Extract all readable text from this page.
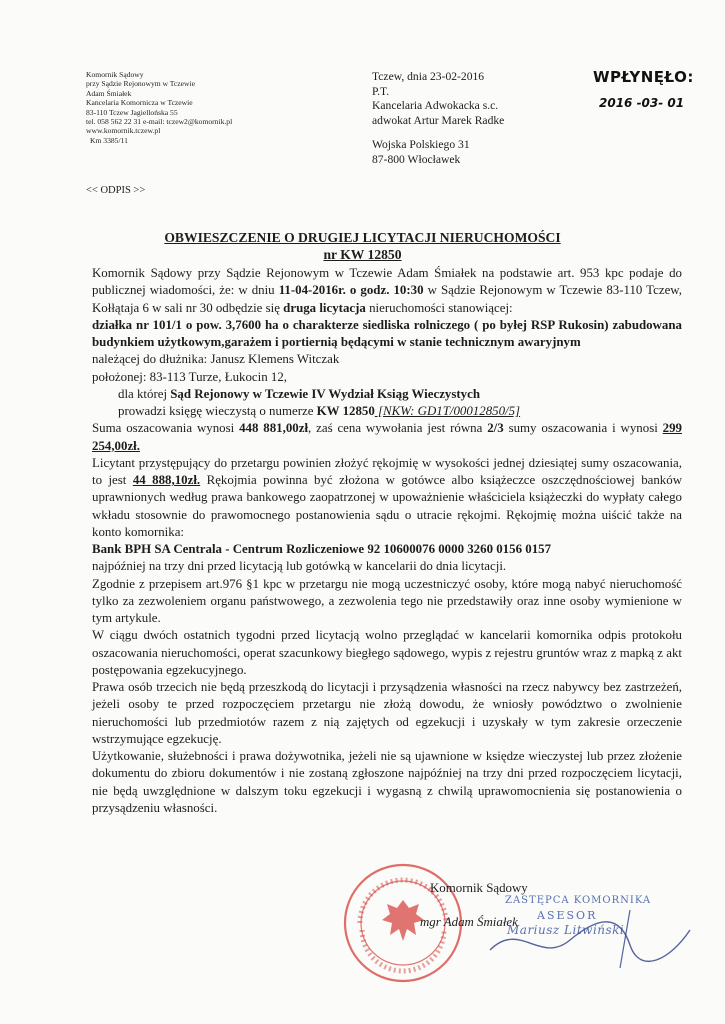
Komornik Sądowy
przy Sądzie Rejonowym w Tczewie
Adam Śmiałek
Kancelaria Komornicza w Tczewie
83-110 Tczew Jagiellońska 55
tel. 058 562 22 31 e-mail: tczew2@komornik.pl
www.komornik.tczew.pl
Km 3385/11
Tczew, dnia 23-02-2016
P.T.
Kancelaria Adwokacka s.c.
adwokat Artur Marek Radke
Wojska Polskiego 31
87-800 Włocławek
WPŁYNĘŁO:
2016 -03- 01
<< ODPIS >>
OBWIESZCZENIE O DRUGIEJ LICYTACJI NIERUCHOMOŚCI
nr KW 12850

Komornik Sądowy przy Sądzie Rejonowym w Tczewie Adam Śmiałek na podstawie art. 953 kpc podaje do publicznej wiadomości, że: w dniu 11-04-2016r. o godz. 10:30 w Sądzie Rejonowym w Tczewie 83-110 Tczew, Kołłątaja 6 w sali nr 30 odbędzie się druga licytacja nieruchomości stanowiącej:

działka nr 101/1 o pow. 3,7600 ha o charakterze siedliska rolniczego ( po byłej RSP Rukosin) zabudowana budynkiem użytkowym,garażem i portiernią będącymi w stanie technicznym awaryjnym

należącej do dłużnika: Janusz Klemens Witczak

położonej: 83-113 Turze, Łukocin 12,

dla której Sąd Rejonowy w Tczewie IV Wydział Ksiąg Wieczystych

prowadzi księgę wieczystą o numerze KW 12850 [NKW: GD1T/00012850/5]

Suma oszacowania wynosi 448 881,00zł, zaś cena wywołania jest równa 2/3 sumy oszacowania i wynosi 299 254,00zł.

Licytant przystępujący do przetargu powinien złożyć rękojmię w wysokości jednej dziesiątej sumy oszacowania, to jest 44 888,10zł. Rękojmia powinna być złożona w gotówce albo książeczce oszczędnościowej banków uprawnionych według prawa bankowego zaopatrzonej w upoważnienie właściciela książeczki do wypłaty całego wkładu stosownie do prawomocnego postanowienia sądu o utracie rękojmi. Rękojmię można uiścić także na konto komornika:

Bank BPH SA Centrala - Centrum Rozliczeniowe 92 10600076 0000 3260 0156 0157

najpóźniej na trzy dni przed licytacją lub gotówką w kancelarii do dnia licytacji.

Zgodnie z przepisem art.976 §1 kpc w przetargu nie mogą uczestniczyć osoby, które mogą nabyć nieruchomość tylko za zezwoleniem organu państwowego, a zezwolenia tego nie przedstawiły oraz inne osoby wymienione w tym artykule.

W ciągu dwóch ostatnich tygodni przed licytacją wolno przeglądać w kancelarii komornika odpis protokołu oszacowania nieruchomości, operat szacunkowy biegłego sądowego, wypis z rejestru gruntów wraz z mapką z akt postępowania egzekucyjnego.

Prawa osób trzecich nie będą przeszkodą do licytacji i przysądzenia własności na rzecz nabywcy bez zastrzeżeń, jeżeli osoby te przed rozpoczęciem przetargu nie złożą dowodu, że wniosły powództwo o zwolnienie nieruchomości lub przedmiotów razem z nią zajętych od egzekucji i uzyskały w tym zakresie orzeczenie wstrzymujące egzekucję.

Użytkowanie, służebności i prawa dożywotnika, jeżeli nie są ujawnione w księdze wieczystej lub przez złożenie dokumentu do zbioru dokumentów i nie zostaną zgłoszone najpóźniej na trzy dni przed rozpoczęciem licytacji, nie będą uwzględnione w dalszym toku egzekucji i wygasną z chwilą uprawomocnienia się postanowienia o przysądzeniu własności.

Komornik Sądowy
mgr Adam Śmiałek
ZASTĘPCA KOMORNIKA
ASESOR
Mariusz Litwiński
